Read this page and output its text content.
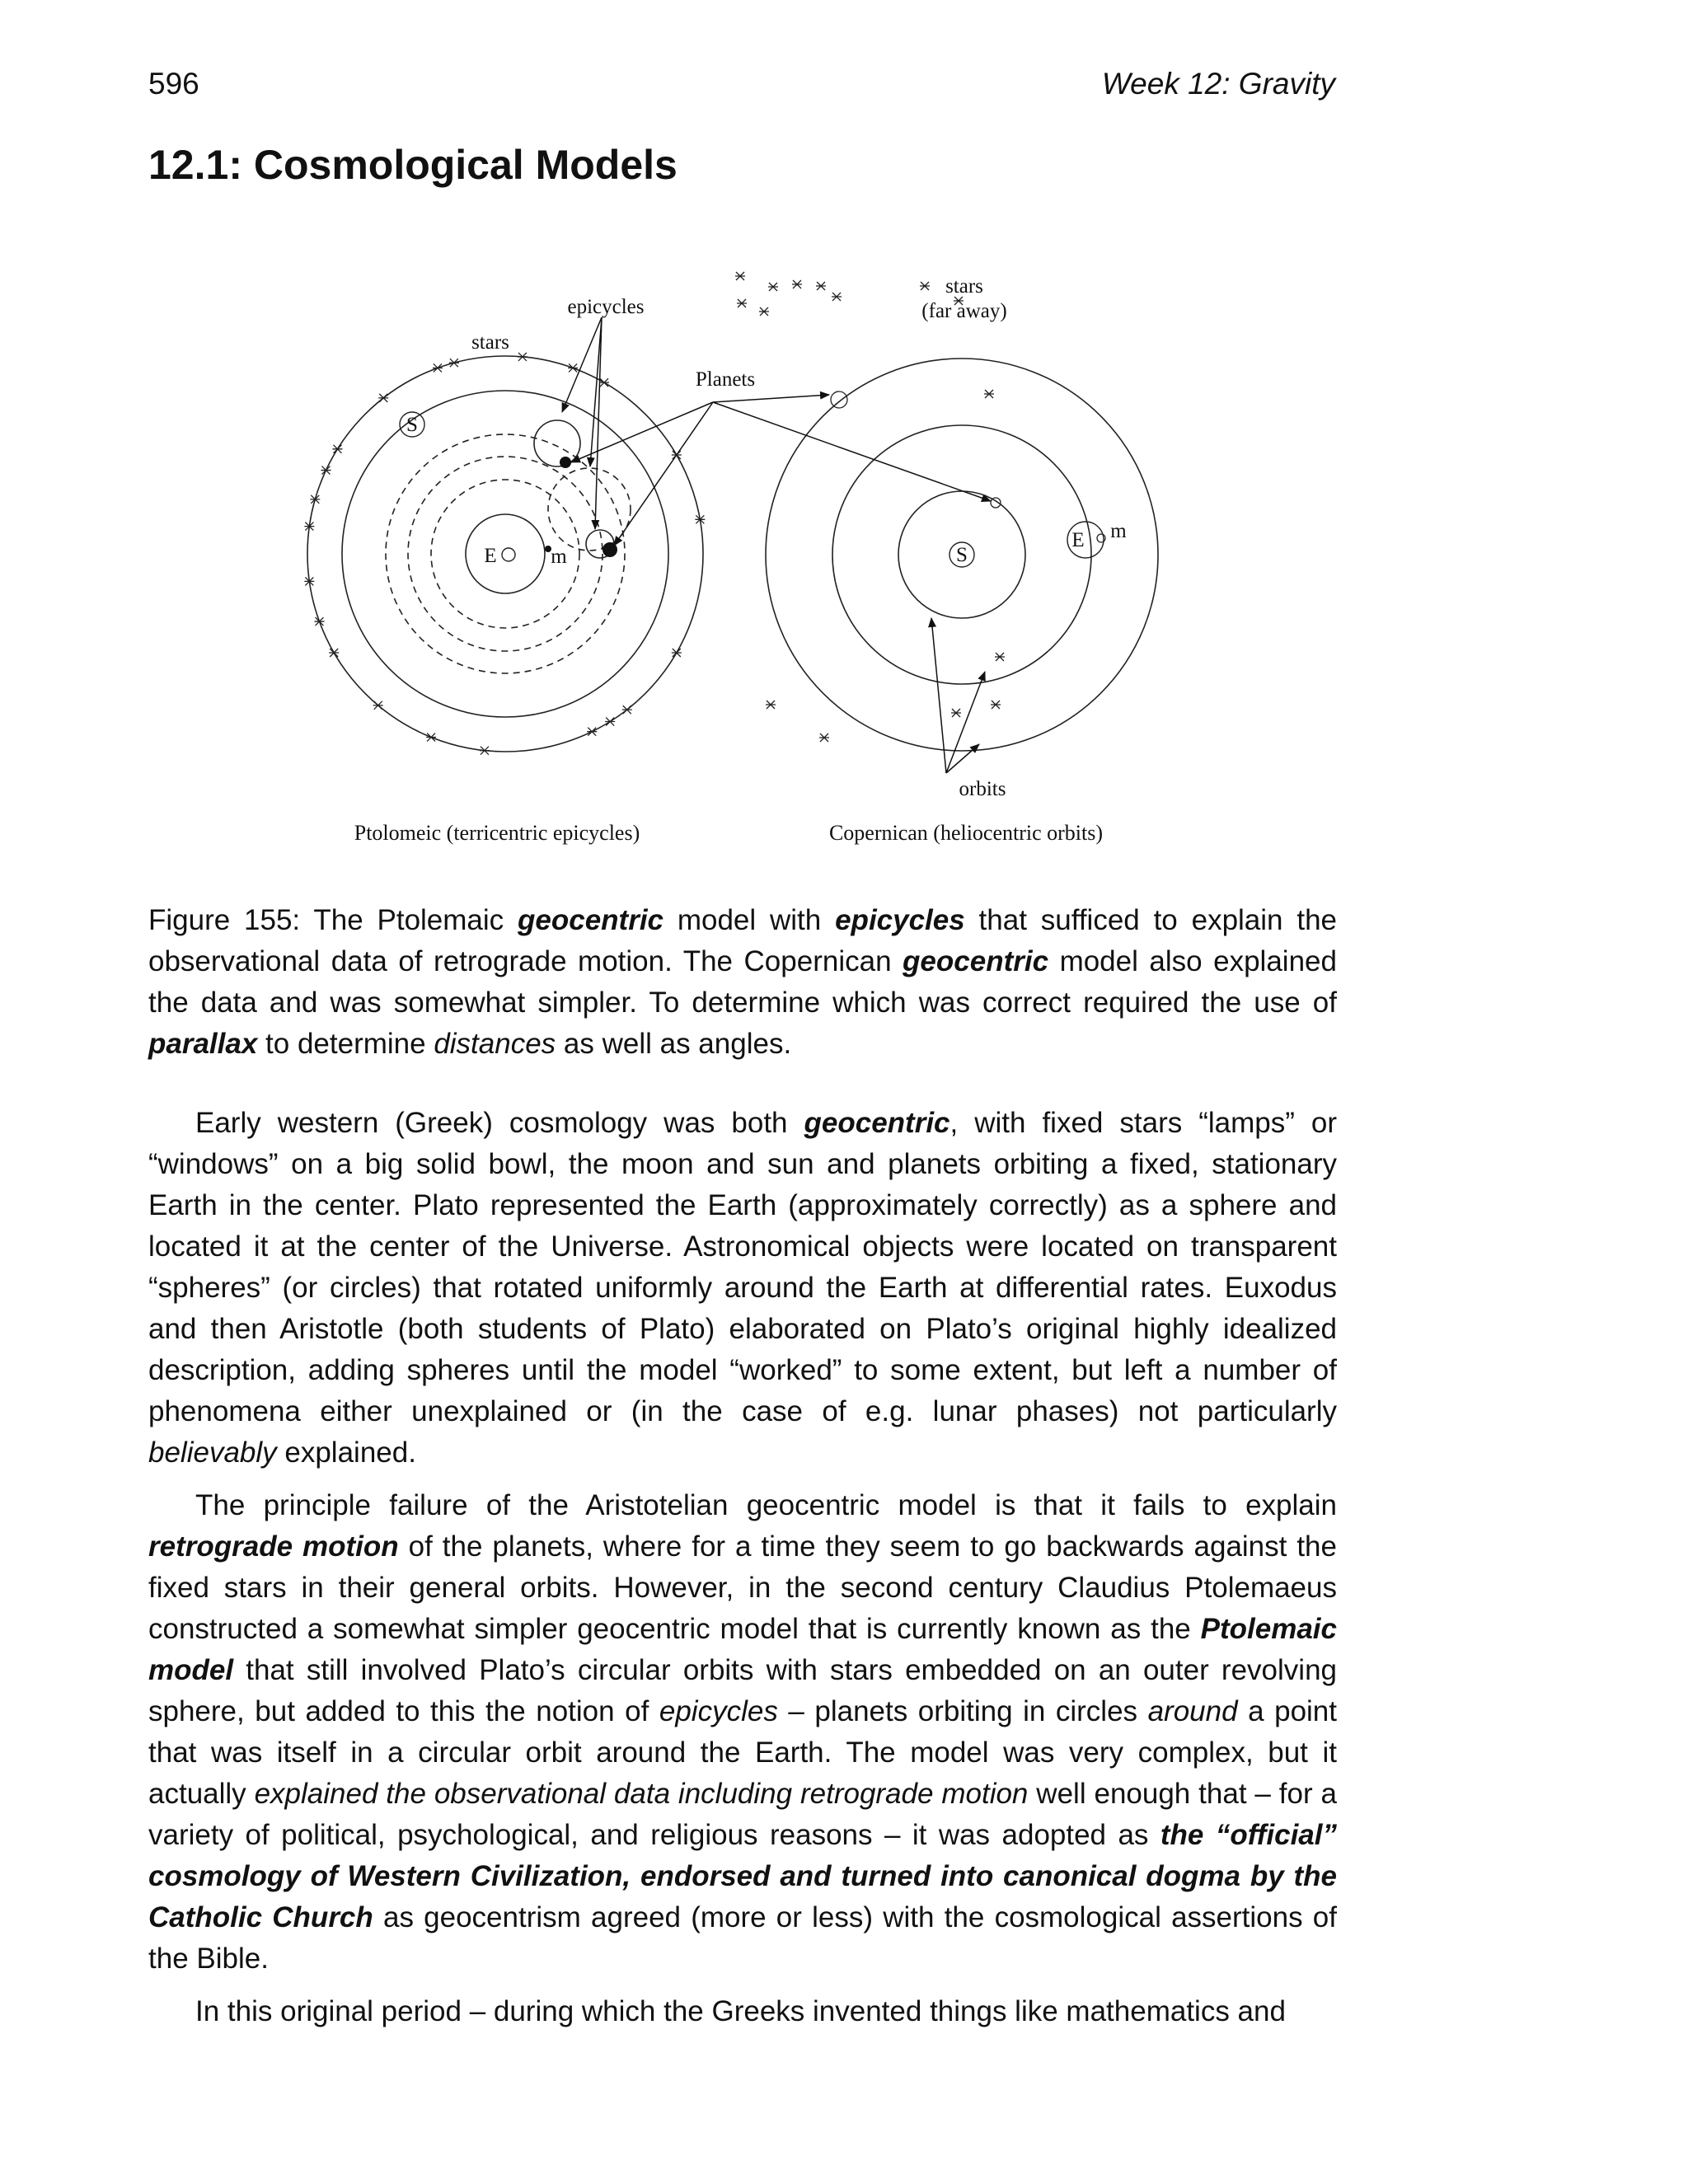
596	Week 12: Gravity
12.1: Cosmological Models
stars
epicycles
Planets
stars
(far away)
E	m
S
S
E m
orbits
Ptolomeic (terricentric epicycles)	Copernican (heliocentric orbits)

Figure 155: The Ptolemaic geocentric model with epicycles that sufficed to explain the observational data of retrograde motion. The Copernican geocentric model also explained the data and was somewhat simpler. To determine which was correct required the use of parallax to determine distances as well as angles.

Early western (Greek) cosmology was both geocentric, with fixed stars “lamps” or “windows” on a big solid bowl, the moon and sun and planets orbiting a fixed, stationary Earth in the center. Plato represented the Earth (approximately correctly) as a sphere and located it at the center of the Universe. Astronomical objects were located on transparent “spheres” (or circles) that rotated uniformly around the Earth at differential rates. Euxodus and then Aristotle (both students of Plato) elaborated on Plato’s original highly idealized description, adding spheres until the model “worked” to some extent, but left a number of phenomena either unexplained or (in the case of e.g. lunar phases) not particularly believably explained.

The principle failure of the Aristotelian geocentric model is that it fails to explain retrograde motion of the planets, where for a time they seem to go backwards against the fixed stars in their general orbits. However, in the second century Claudius Ptolemaeus constructed a somewhat simpler geocentric model that is currently known as the Ptolemaic model that still involved Plato’s circular orbits with stars embedded on an outer revolving sphere, but added to this the notion of epicycles – planets orbiting in circles around a point that was itself in a circular orbit around the Earth. The model was very complex, but it actually explained the observational data including retrograde motion well enough that – for a variety of political, psychological, and religious reasons – it was adopted as the “official” cosmology of Western Civilization, endorsed and turned into canonical dogma by the Catholic Church as geocentrism agreed (more or less) with the cosmological assertions of the Bible.

In this original period – during which the Greeks invented things like mathematics and
